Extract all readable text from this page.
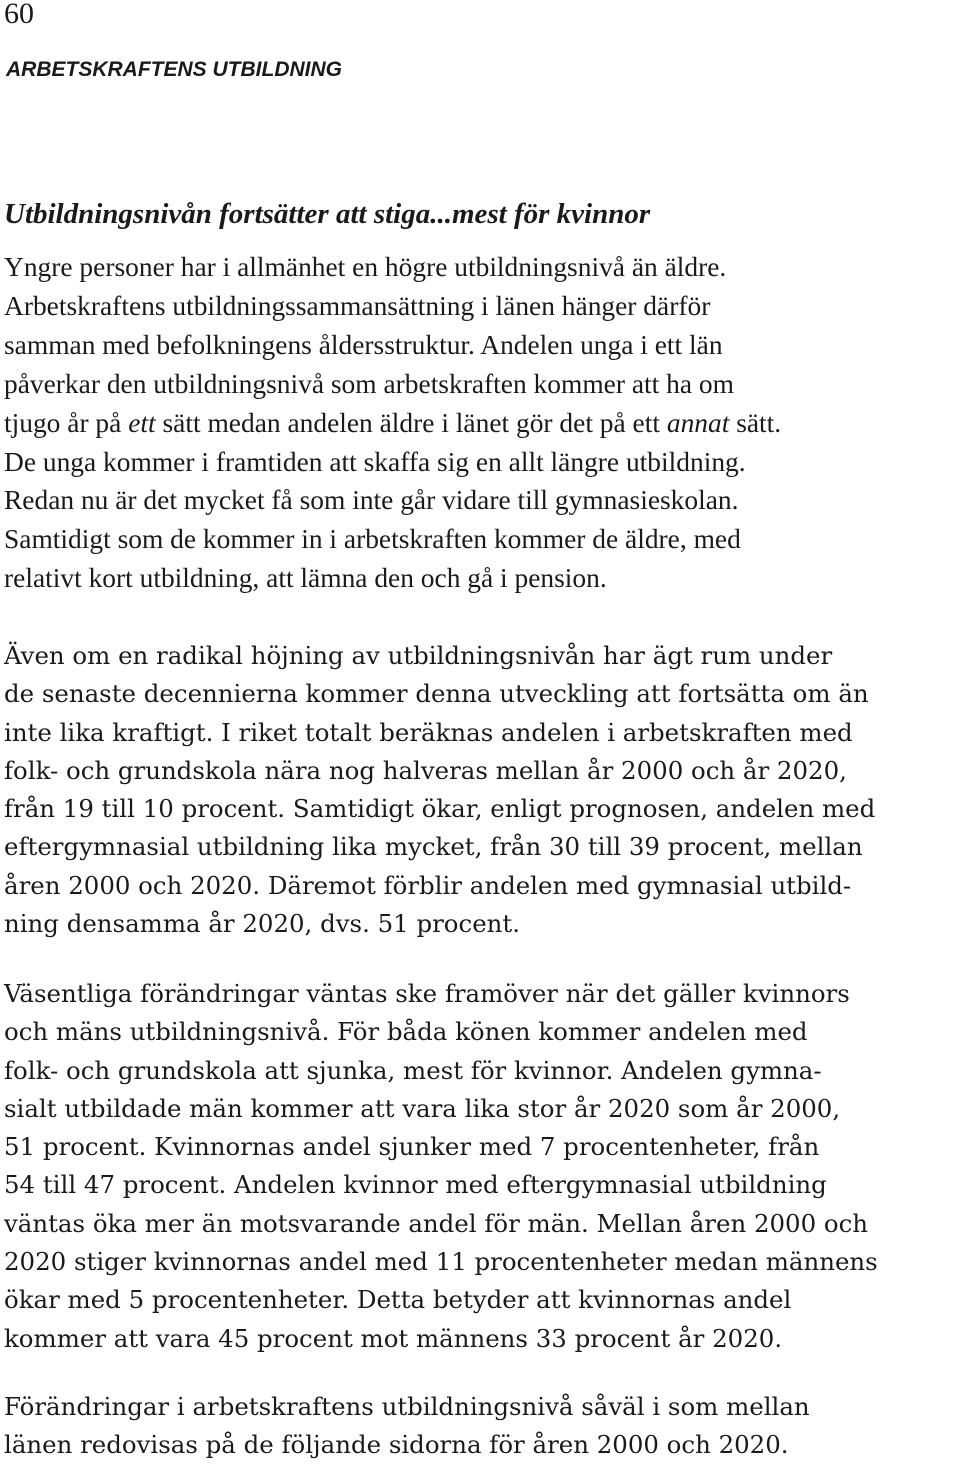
60
ARBETSKRAFTENS UTBILDNING
Utbildningsnivån fortsätter att stiga...mest för kvinnor

Yngre personer har i allmänhet en högre utbildningsnivå än äldre.
Arbetskraftens utbildningssammansättning i länen hänger därför
samman med befolkningens åldersstruktur. Andelen unga i ett län
påverkar den utbildningsnivå som arbetskraften kommer att ha om
tjugo år på ett sätt medan andelen äldre i länet gör det på ett annat sätt.
De unga kommer i framtiden att skaffa sig en allt längre utbildning.
Redan nu är det mycket få som inte går vidare till gymnasieskolan.
Samtidigt som de kommer in i arbetskraften kommer de äldre, med
relativt kort utbildning, att lämna den och gå i pension.

Även om en radikal höjning av utbildningsnivån har ägt rum under
de senaste decennierna kommer denna utveckling att fortsätta om än
inte lika kraftigt. I riket totalt beräknas andelen i arbetskraften med
folk- och grundskola nära nog halveras mellan år 2000 och år 2020,
från 19 till 10 procent. Samtidigt ökar, enligt prognosen, andelen med
eftergymnasial utbildning lika mycket, från 30 till 39 procent, mellan
åren 2000 och 2020. Däremot förblir andelen med gymnasial utbild-
ning densamma år 2020, dvs. 51 procent.

Väsentliga förändringar väntas ske framöver när det gäller kvinnors
och mäns utbildningsnivå. För båda könen kommer andelen med
folk- och grundskola att sjunka, mest för kvinnor. Andelen gymna-
sialt utbildade män kommer att vara lika stor år 2020 som år 2000,
51 procent. Kvinnornas andel sjunker med 7 procentenheter, från
54 till 47 procent. Andelen kvinnor med eftergymnasial utbildning
väntas öka mer än motsvarande andel för män. Mellan åren 2000 och
2020 stiger kvinnornas andel med 11 procentenheter medan männens
ökar med 5 procentenheter. Detta betyder att kvinnornas andel
kommer att vara 45 procent mot männens 33 procent år 2020.

Förändringar i arbetskraftens utbildningsnivå såväl i som mellan
länen redovisas på de följande sidorna för åren 2000 och 2020.
